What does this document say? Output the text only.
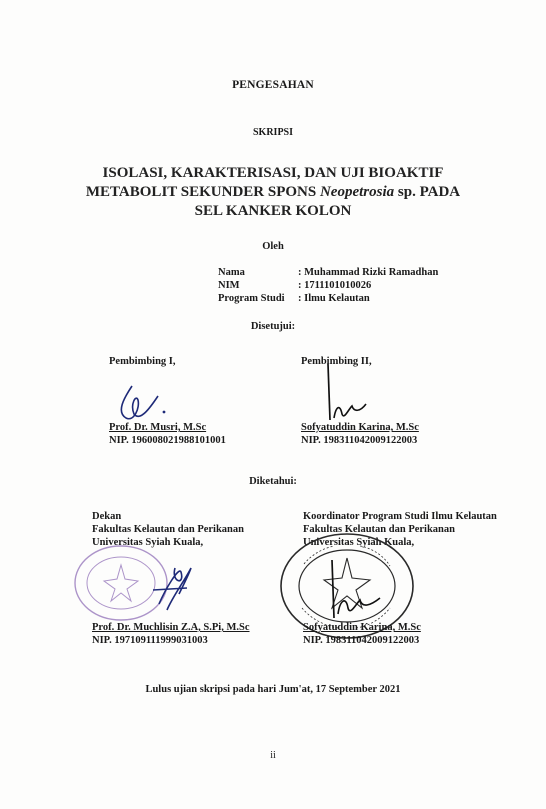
PENGESAHAN
SKRIPSI
ISOLASI, KARAKTERISASI, DAN UJI BIOAKTIF
METABOLIT SEKUNDER SPONS Neopetrosia sp. PADA
SEL KANKER KOLON
Oleh
Nama	: Muhammad Rizki Ramadhan
NIM	: 1711101010026
Program Studi	: Ilmu Kelautan
Disetujui:
Pembimbing I,
Prof. Dr. Musri, M.Sc
NIP. 196008021988101001
Pembimbing II,
Sofyatuddin Karina, M.Sc
NIP. 198311042009122003
Diketahui:
Dekan
Fakultas Kelautan dan Perikanan
Universitas Syiah Kuala,
Prof. Dr. Muchlisin Z.A, S.Pi, M.Sc
NIP. 197109111999031003
Koordinator Program Studi Ilmu Kelautan
Fakultas Kelautan dan Perikanan
Universitas Syiah Kuala,
Sofyatuddin Karina, M.Sc
NIP. 198311042009122003
Lulus ujian skripsi pada hari Jum'at, 17 September 2021
ii
